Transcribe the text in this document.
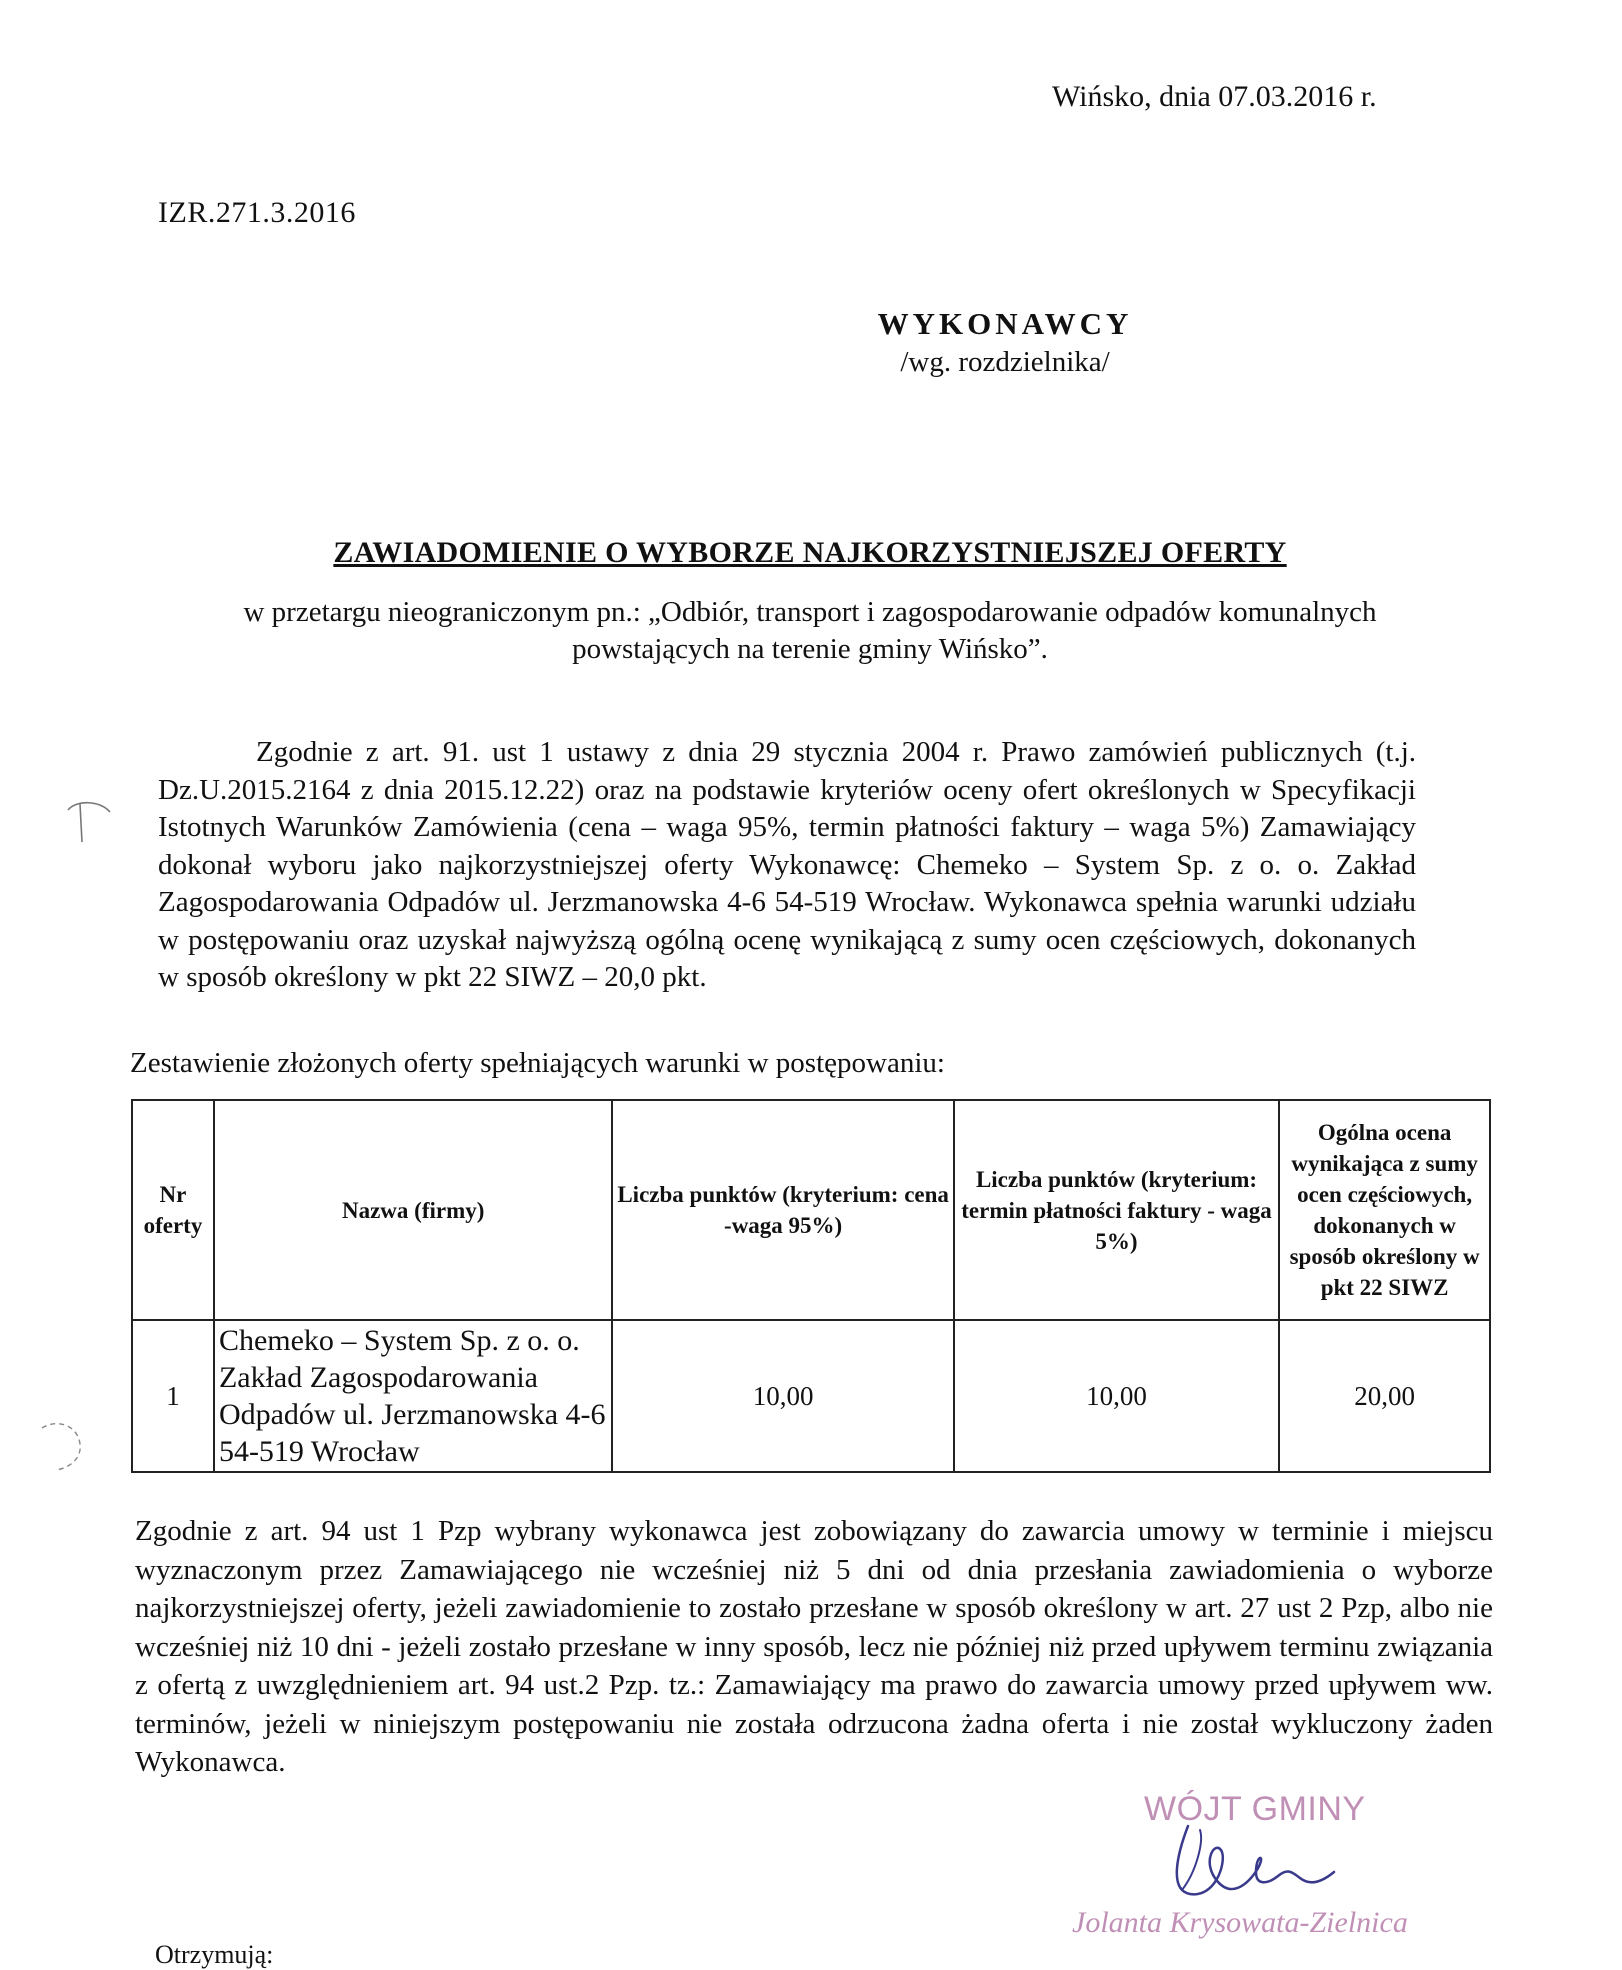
Wińsko, dnia 07.03.2016 r.
IZR.271.3.2016
WYKONAWCY
/wg. rozdzielnika/
ZAWIADOMIENIE O WYBORZE NAJKORZYSTNIEJSZEJ OFERTY
w przetargu nieograniczonym pn.: „Odbiór, transport i zagospodarowanie odpadów komunalnych powstających na terenie gminy Wińsko”.
Zgodnie z art. 91. ust 1 ustawy z dnia 29 stycznia 2004 r. Prawo zamówień publicznych (t.j. Dz.U.2015.2164 z dnia 2015.12.22) oraz na podstawie kryteriów oceny ofert określonych w Specyfikacji Istotnych Warunków Zamówienia (cena – waga 95%, termin płatności faktury – waga 5%) Zamawiający dokonał wyboru jako najkorzystniejszej oferty Wykonawcę: Chemeko – System Sp. z o. o. Zakład Zagospodarowania Odpadów ul. Jerzmanowska 4-6 54-519 Wrocław. Wykonawca spełnia warunki udziału w postępowaniu oraz uzyskał najwyższą ogólną ocenę wynikającą z sumy ocen częściowych, dokonanych w sposób określony w pkt 22 SIWZ – 20,0 pkt.
Zestawienie złożonych oferty spełniających warunki w postępowaniu:
Nr oferty	Nazwa (firmy)	Liczba punktów (kryterium: cena -waga 95%)	Liczba punktów (kryterium: termin płatności faktury - waga 5%)	Ogólna ocena wynikająca z sumy ocen częściowych, dokonanych w sposób określony w pkt 22 SIWZ
1	Chemeko – System Sp. z o. o. Zakład Zagospodarowania Odpadów ul. Jerzmanowska 4-6 54-519 Wrocław	10,00	10,00	20,00
Zgodnie z art. 94 ust 1 Pzp wybrany wykonawca jest zobowiązany do zawarcia umowy w terminie i miejscu wyznaczonym przez Zamawiającego nie wcześniej niż 5 dni od dnia przesłania zawiadomienia o wyborze najkorzystniejszej oferty, jeżeli zawiadomienie to zostało przesłane w sposób określony w art. 27 ust 2 Pzp, albo nie wcześniej niż 10 dni - jeżeli zostało przesłane w inny sposób, lecz nie później niż przed upływem terminu związania z ofertą z uwzględnieniem art. 94 ust.2 Pzp. tz.: Zamawiający ma prawo do zawarcia umowy przed upływem ww. terminów, jeżeli w niniejszym postępowaniu nie została odrzucona żadna oferta i nie został wykluczony żaden Wykonawca.
WÓJT GMINY
Jolanta Krysowata-Zielnica
Otrzymują:
